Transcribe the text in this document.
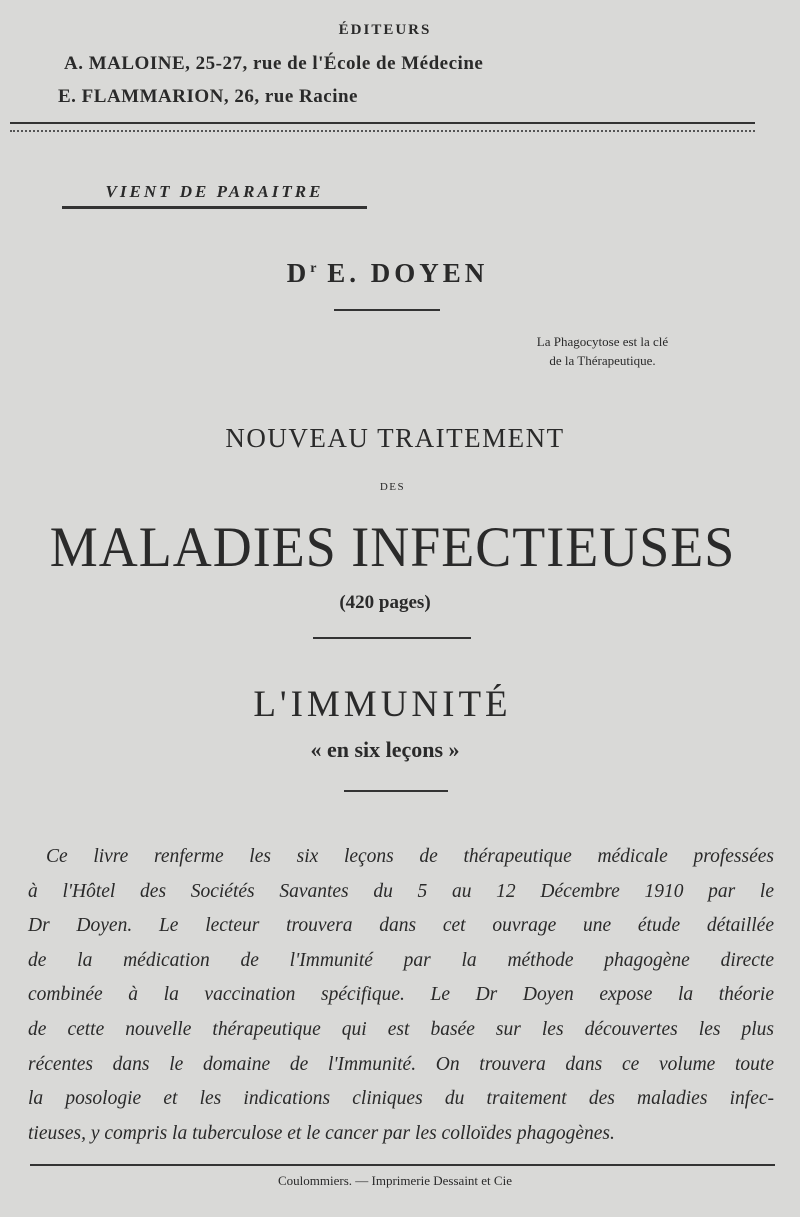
ÉDITEURS
A. MALOINE, 25-27, rue de l'École de Médecine
E. FLAMMARION, 26, rue Racine
VIENT DE PARAITRE
$D^r$ E. DOYEN
La Phagocytose est la clé
de la Thérapeutique.
NOUVEAU TRAITEMENT
DES
MALADIES INFECTIEUSES
(420 pages)
L'IMMUNITÉ
« en six leçons »
Ce livre renferme les six leçons de thérapeutique médicale professées
à l'Hôtel des Sociétés Savantes du 5 au 12 Décembre 1910 par le
Dr Doyen. Le lecteur trouvera dans cet ouvrage une étude détaillée
de la médication de l'Immunité par la méthode phagogène directe
combinée à la vaccination spécifique. Le Dr Doyen expose la théorie
de cette nouvelle thérapeutique qui est basée sur les découvertes les plus
récentes dans le domaine de l'Immunité. On trouvera dans ce volume toute
la posologie et les indications cliniques du traitement des maladies infec-
tieuses, y compris la tuberculose et le cancer par les colloïdes phagogènes.
Coulommiers. — Imprimerie Dessaint et Cie
